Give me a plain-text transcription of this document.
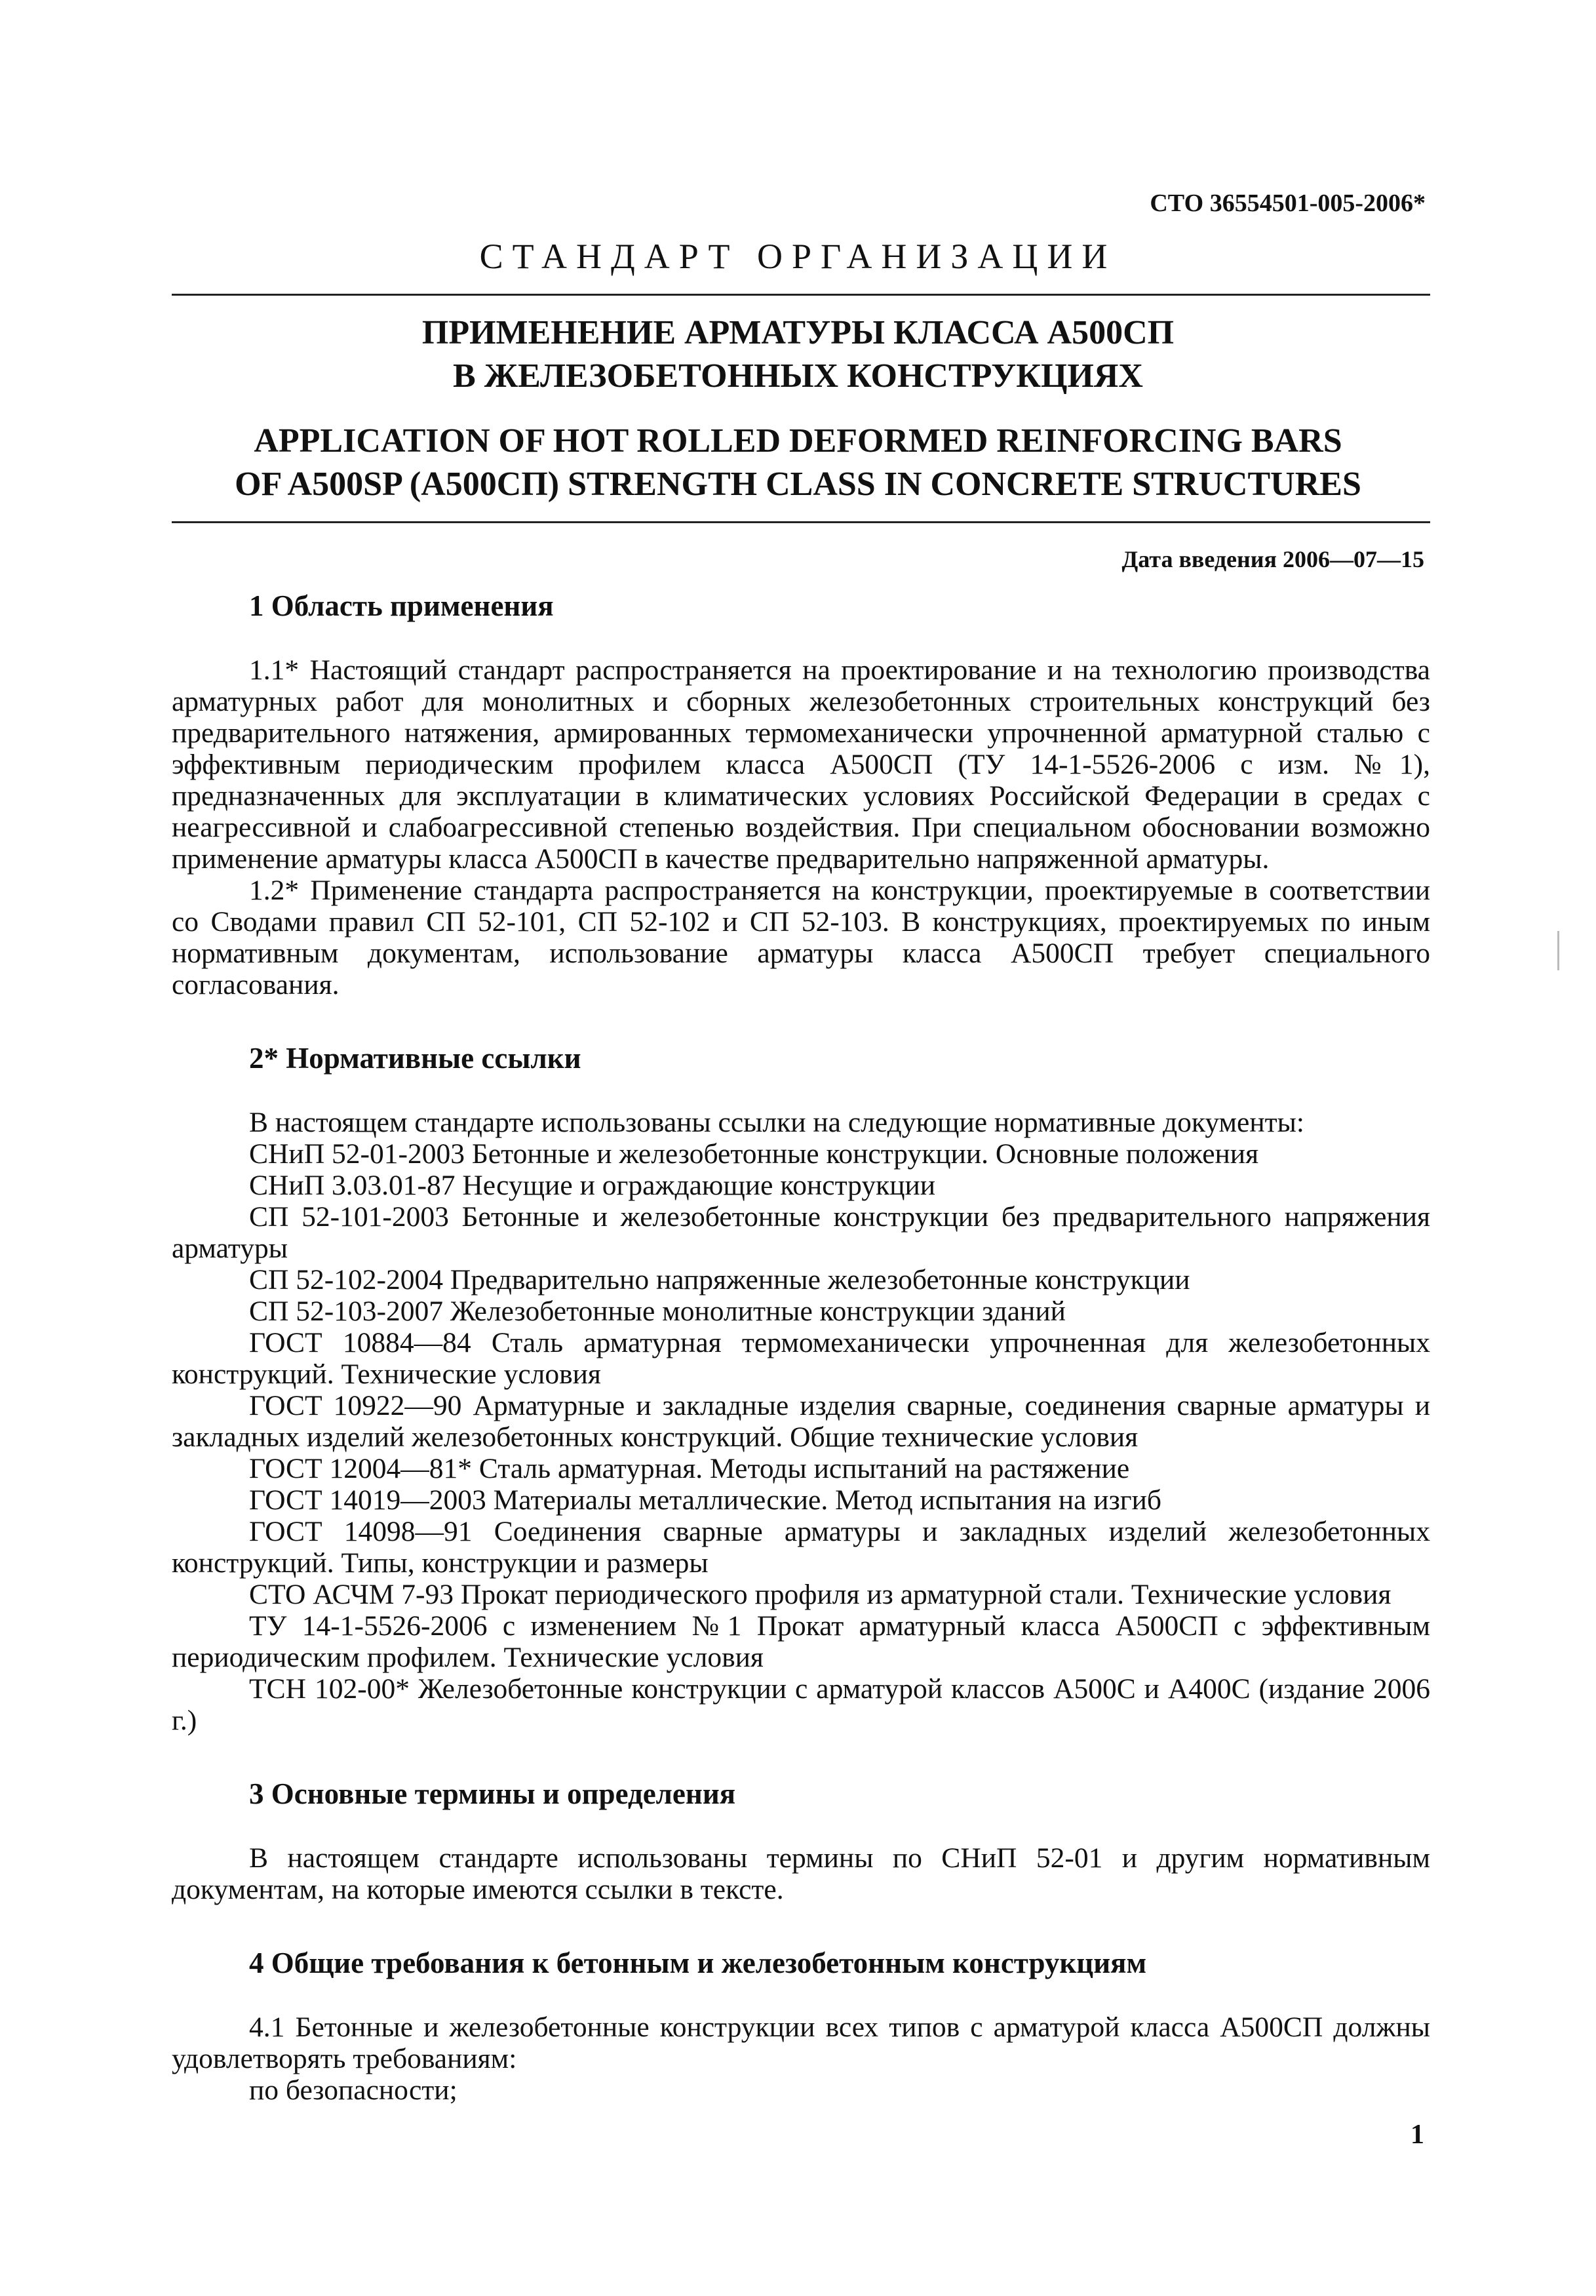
СТО 36554501-005-2006*
СТАНДАРТ ОРГАНИЗАЦИИ
ПРИМЕНЕНИЕ АРМАТУРЫ КЛАССА А500СП
В ЖЕЛЕЗОБЕТОННЫХ КОНСТРУКЦИЯХ
APPLICATION OF HOT ROLLED DEFORMED REINFORCING BARS
OF A500SP (A500СП) STRENGTH CLASS IN CONCRETE STRUCTURES
Дата введения 2006—07—15
1 Область применения

1.1* Настоящий стандарт распространяется на проектирование и на технологию производства арматурных работ для монолитных и сборных железобетонных строительных конструкций без предварительного натяжения, армированных термомеханически упрочненной арматурной сталью с эффективным периодическим профилем класса А500СП (ТУ 14-1-5526-2006 с изм. №1), предназначенных для эксплуатации в климатических условиях Российской Федерации в средах с неагрессивной и слабоагрессивной степенью воздействия. При специальном обосновании возможно применение арматуры класса А500СП в качестве предварительно напряженной арматуры.

1.2* Применение стандарта распространяется на конструкции, проектируемые в соответствии со Сводами правил СП 52-101, СП 52-102 и СП 52-103. В конструкциях, проектируемых по иным нормативным документам, использование арматуры класса А500СП требует специального согласования.

2* Нормативные ссылки

В настоящем стандарте использованы ссылки на следующие нормативные документы:

СНиП 52-01-2003 Бетонные и железобетонные конструкции. Основные положения

СНиП 3.03.01-87 Несущие и ограждающие конструкции

СП 52-101-2003 Бетонные и железобетонные конструкции без предварительного напряжения арматуры

СП 52-102-2004 Предварительно напряженные железобетонные конструкции

СП 52-103-2007 Железобетонные монолитные конструкции зданий

ГОСТ 10884—84 Сталь арматурная термомеханически упрочненная для железобетонных конструкций. Технические условия

ГОСТ 10922—90 Арматурные и закладные изделия сварные, соединения сварные арматуры и закладных изделий железобетонных конструкций. Общие технические условия

ГОСТ 12004—81* Сталь арматурная. Методы испытаний на растяжение

ГОСТ 14019—2003 Материалы металлические. Метод испытания на изгиб

ГОСТ 14098—91 Соединения сварные арматуры и закладных изделий железобетонных конструкций. Типы, конструкции и размеры

СТО АСЧМ 7-93 Прокат периодического профиля из арматурной стали. Технические условия

ТУ 14-1-5526-2006 с изменением №1 Прокат арматурный класса А500СП с эффективным периодическим профилем. Технические условия

ТСН 102-00* Железобетонные конструкции с арматурой классов А500С и А400С (издание 2006 г.)

3 Основные термины и определения

В настоящем стандарте использованы термины по СНиП 52-01 и другим нормативным документам, на которые имеются ссылки в тексте.

4 Общие требования к бетонным и железобетонным конструкциям

4.1 Бетонные и железобетонные конструкции всех типов с арматурой класса А500СП должны удовлетворять требованиям:

по безопасности;

1
